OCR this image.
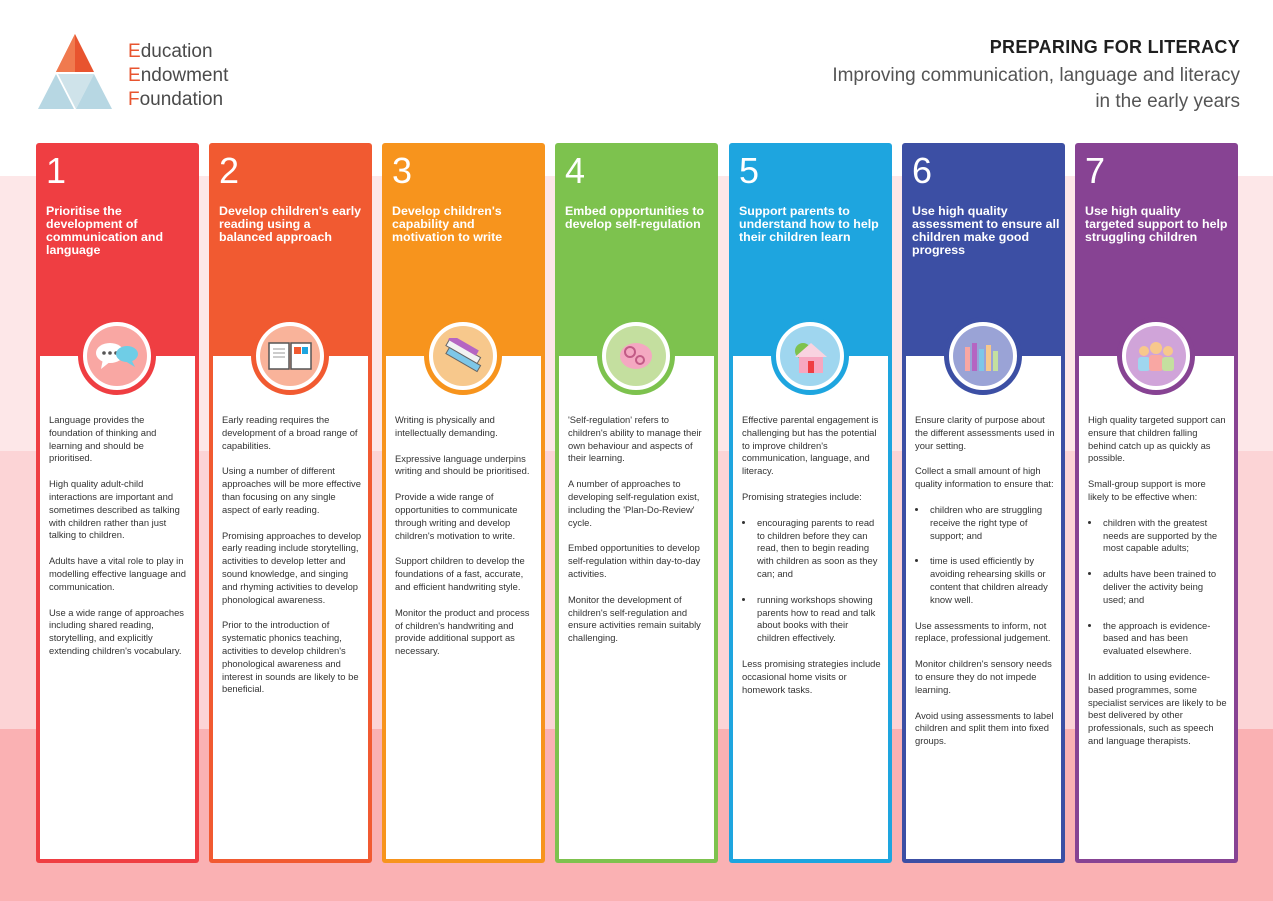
Education
Endowment
Foundation
PREPARING FOR LITERACY
Improving communication, language and literacy in the early years
1
Prioritise the development of communication and language

Language provides the foundation of thinking and learning and should be prioritised.

High quality adult-child interactions are important and sometimes described as talking with children rather than just talking to children.

Adults have a vital role to play in modelling effective language and communication.

Use a wide range of approaches including shared reading, storytelling, and explicitly extending children's vocabulary.

2
Develop children's early reading using a balanced approach

Early reading requires the development of a broad range of capabilities.

Using a number of different approaches will be more effective than focusing on any single aspect of early reading.

Promising approaches to develop early reading include storytelling, activities to develop letter and sound knowledge, and singing and rhyming activities to develop phonological awareness.

Prior to the introduction of systematic phonics teaching, activities to develop children's phonological awareness and interest in sounds are likely to be beneficial.

3
Develop children's capability and motivation to write

Writing is physically and intellectually demanding.

Expressive language underpins writing and should be prioritised.

Provide a wide range of opportunities to communicate through writing and develop children's motivation to write.

Support children to develop the foundations of a fast, accurate, and efficient handwriting style.

Monitor the product and process of children's handwriting and provide additional support as necessary.

4
Embed opportunities to develop self-regulation

'Self-regulation' refers to children's ability to manage their own behaviour and aspects of their learning.

A number of approaches to developing self-regulation exist, including the 'Plan-Do-Review' cycle.

Embed opportunities to develop self-regulation within day-to-day activities.

Monitor the development of children's self-regulation and ensure activities remain suitably challenging.

5
Support parents to understand how to help their children learn

Effective parental engagement is challenging but has the potential to improve children's communication, language, and literacy.

Promising strategies include:

• encouraging parents to read to children before they can read, then to begin reading with children as soon as they can; and
• running workshops showing parents how to read and talk about books with their children effectively.

Less promising strategies include occasional home visits or homework tasks.

6
Use high quality assessment to ensure all children make good progress

Ensure clarity of purpose about the different assessments used in your setting.

Collect a small amount of high quality information to ensure that:

• children who are struggling receive the right type of support; and
• time is used efficiently by avoiding rehearsing skills or content that children already know well.

Use assessments to inform, not replace, professional judgement.

Monitor children's sensory needs to ensure they do not impede learning.

Avoid using assessments to label children and split them into fixed groups.

7
Use high quality targeted support to help struggling children

High quality targeted support can ensure that children falling behind catch up as quickly as possible.

Small-group support is more likely to be effective when:

• children with the greatest needs are supported by the most capable adults;
• adults have been trained to deliver the activity being used; and
• the approach is evidence-based and has been evaluated elsewhere.

In addition to using evidence-based programmes, some specialist services are likely to be best delivered by other professionals, such as speech and language therapists.
